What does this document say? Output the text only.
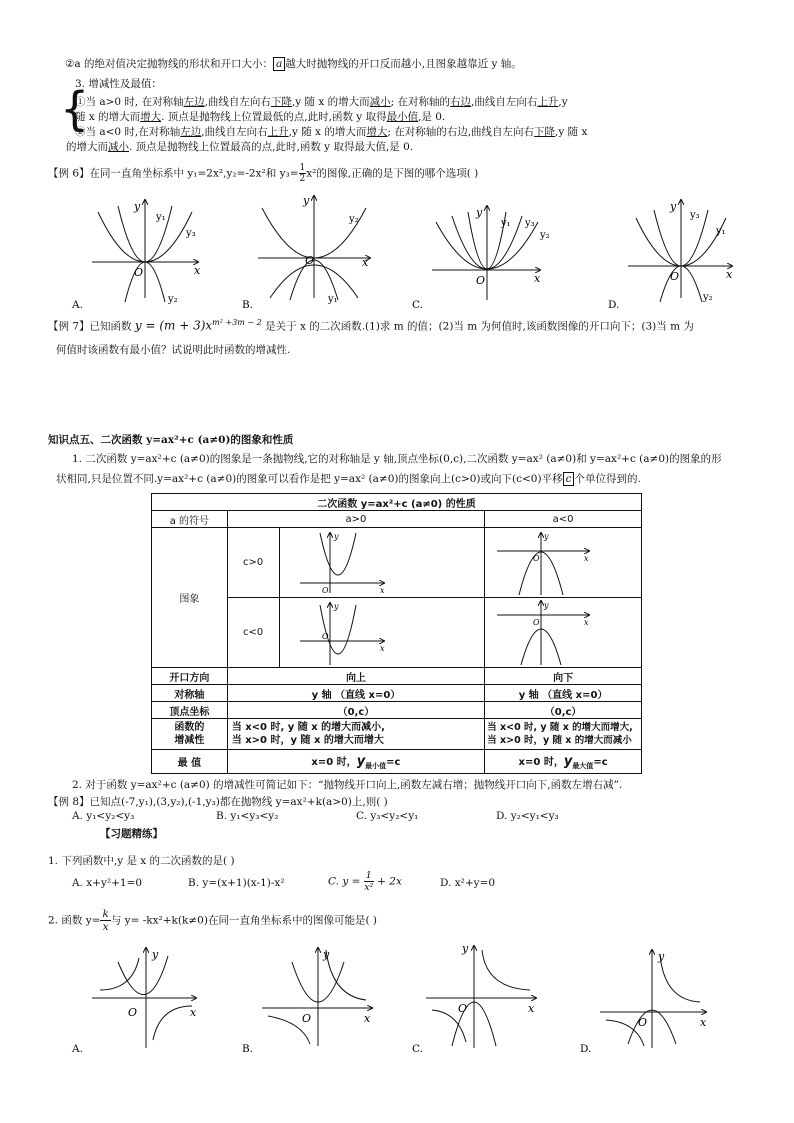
②a 的绝对值决定抛物线的形状和开口大小： a 越大时抛物线的开口反而越小,且图象越靠近 y 轴。
3. 增减性及最值：
{
①当 a>0 时, 在对称轴左边,曲线自左向右下降,y 随 x 的增大而减小; 在对称轴的右边,曲线自左向右上升,y
随 x 的增大而增大. 顶点是抛物线上位置最低的点,此时,函数 y 取得最小值,是 0.
②当 a<0 时,在对称轴左边,曲线自左向右上升,y 随 x 的增大而增大; 在对称轴的右边,曲线自左向右下降,y 随 x
的增大而减小. 顶点是抛物线上位置最高的点,此时,函数 y 取得最大值,是 0.
【例 6】在同一直角坐标系中 y₁=2x²,y₂=-2x²和 $y_3= \frac{1}{2} x^2$的图像,正确的是下图的哪个选项( )
y
x
O
y₁
y₃
y₂
A.
y
x
O
y₂
y₁
B.
y
x
O
y₁ y₃
y₂
C.
y
x
O
y₃
y₁
y₂
D.
【例 7】已知函数 $y = (m + 3)x^{m^2 +3m - 2}$ 是关于 x 的二次函数.(1)求 m 的值；(2)当 m 为何值时,该函数图像的开口向下；(3)当 m 为
何值时该函数有最小值？试说明此时函数的增减性.
知识点五、二次函数 y=ax²+c (a≠0)的图象和性质
1. 二次函数 y=ax²+c (a≠0)的图象是一条抛物线,它的对称轴是 y 轴,顶点坐标(0,c),二次函数 y=ax² (a≠0)和 y=ax²+c (a≠0)的图象的形
状相同,只是位置不同.y=ax²+c (a≠0)的图象可以看作是把 y=ax² (a≠0)的图象向上(c>0)或向下(c<0)平移 c 个单位得到的.
二次函数 y=ax²+c (a≠0) 的性质			
a 的符号	a>0		a<0
图象	c>0	y
x
O	y
x
O

	c<0	y
x
O	y
x
O

开口方向	向上		向下
对称轴	y 轴 （直线 x=0）		y 轴 （直线 x=0）
顶点坐标	（0,c）		（0,c）
函数的
增减性	当 x<0 时, y 随 x 的增大而减小,
当 x>0 时，y 随 x 的增大而增大		当 x<0 时, y 随 x 的增大而增大,
当 x>0 时，y 随 x 的增大而减小
最 值	x=0 时，$y_{最小值}=c$		x=0 时，$y_{最大值}=c$
2. 对于函数 y=ax²+c (a≠0) 的增减性可简记如下：“抛物线开口向上,函数左减右增；抛物线开口向下,函数左增右减”.
【例 8】已知点(-7,y₁),(3,y₂),(-1,y₃)都在抛物线 y=ax²+k(a>0)上,则( )
A. y₁<y₂<y₃	B. y₁<y₃<y₂	C. y₃<y₂<y₁	D. y₂<y₁<y₃
【习题精练】
1. 下列函数中,y 是 x 的二次函数的是( )
A. x+y²+1=0	B. y=(x+1)(x-1)-x²	C. $y = \frac{1}{\text{x²}} + 2x$	D. x²+y=0
2. 函数 $y= \frac{k}{x}$ 与 y= -kx²+k(k≠0)在同一直角坐标系中的图像可能是( )
y
x
O
A.
y
x
O
B.
y
x
O
C.
y
x
O
D.
